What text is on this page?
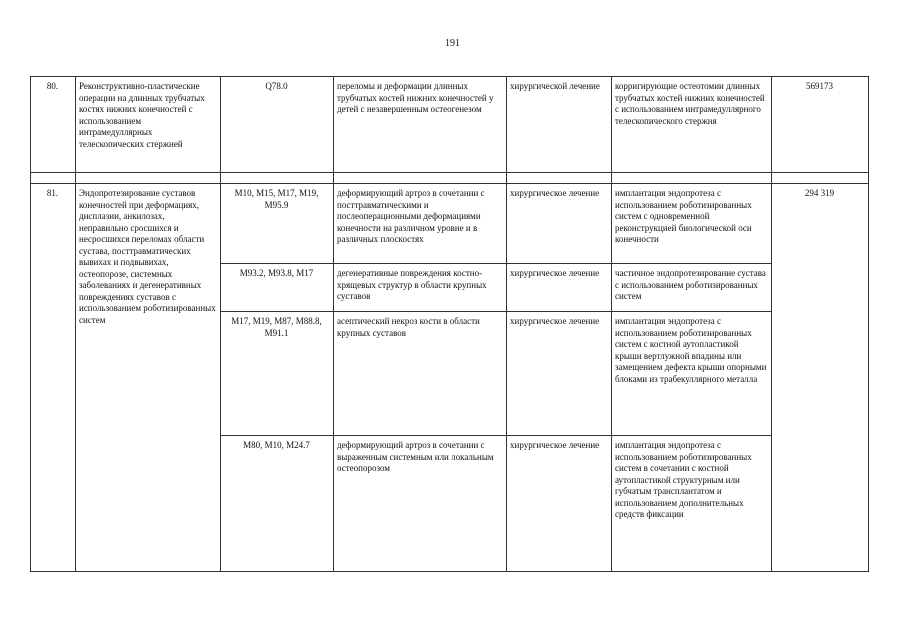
191
80.	Реконструктивно-пластические операции на длинных трубчатых костях нижних конечностей с использованием интрамедуллярных телескопических стержней	Q78.0	переломы и деформации длинных трубчатых костей нижних конечностей у детей с незавершенным остеогенезом	хирургической лечение	корригирующие остеотомии длинных трубчатых костей нижних конечностей с использованием интрамедуллярного телескопического стержня	569173

81.	Эндопротезирование суставов конечностей при деформациях, дисплазии, анкилозах, неправильно сросшихся и несросшихся переломах области сустава, посттравматических вывихах и подвывихах, остеопорозе, системных заболеваниях и дегенеративных повреждениях суставов с использованием роботизированных систем	M10, M15, M17, M19, M95.9	деформирующий артроз в сочетании с посттравматическими и послеоперационными деформациями конечности на различном уровне и в различных плоскостях	хирургическое лечение	имплантация эндопротеза с использованием роботизированных систем с одновременной реконструкцией биологической оси конечности	294 319
		M93.2, M93.8, M17	дегенеративные повреждения костно-хрящевых структур в области крупных суставов	хирургическое лечение	частичное эндопротезирование сустава с использованием роботизированных систем	
		M17, M19, M87, M88.8, M91.1	асептический некроз кости в области крупных суставов	хирургическое лечение	имплантация эндопротеза с использованием роботизированных систем с костной аутопластикой крыши вертлужной впадины или замещением дефекта крыши опорными блоками из трабекуллярного металла	
		M80, M10, M24.7	деформирующий артроз в сочетании с выраженным системным или локальным остеопорозом	хирургическое лечение	имплантация эндопротеза с использованием роботизированных систем в сочетании с костной аутопластикой структурным или губчатым трансплантатом и использованием дополнительных средств фиксации	
